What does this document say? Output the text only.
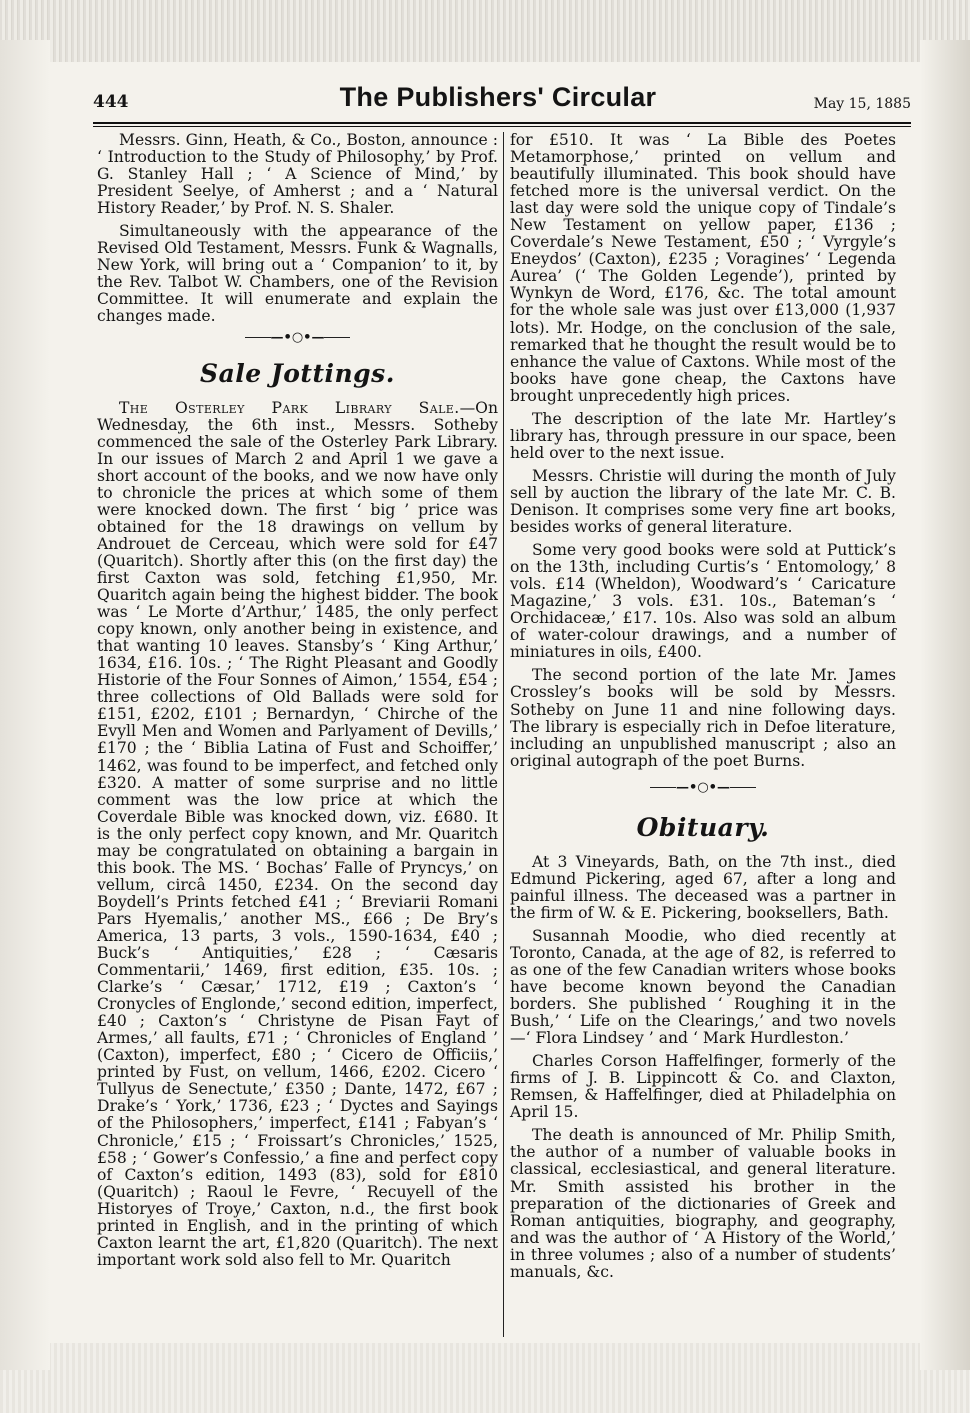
444	The Publishers' Circular	May 15, 1885

Messrs. Ginn, Heath, & Co., Boston, announce : ‘ Introduction to the Study of Philosophy,’ by Prof. G. Stanley Hall ; ‘ A Science of Mind,’ by President Seelye, of Amherst ; and a ‘ Natural History Reader,’ by Prof. N. S. Shaler.

Simultaneously with the appearance of the Revised Old Testament, Messrs. Funk & Wagnalls, New York, will bring out a ‘ Companion’ to it, by the Rev. Talbot W. Chambers, one of the Revision Committee. It will enumerate and explain the changes made.

—•○•—
Sale Jottings.

The Osterley Park Library Sale.—On Wednesday, the 6th inst., Messrs. Sotheby commenced the sale of the Osterley Park Library. In our issues of March 2 and April 1 we gave a short account of the books, and we now have only to chronicle the prices at which some of them were knocked down. The first ‘ big ’ price was obtained for the 18 drawings on vellum by Androuet de Cerceau, which were sold for £47 (Quaritch). Shortly after this (on the first day) the first Caxton was sold, fetching £1,950, Mr. Quaritch again being the highest bidder. The book was ‘ Le Morte d’Arthur,’ 1485, the only perfect copy known, only another being in existence, and that wanting 10 leaves. Stansby’s ‘ King Arthur,’ 1634, £16. 10s. ; ‘ The Right Pleasant and Goodly Historie of the Four Sonnes of Aimon,’ 1554, £54 ; three collections of Old Ballads were sold for £151, £202, £101 ; Bernardyn, ‘ Chirche of the Evyll Men and Women and Parlyament of Devills,’ £170 ; the ‘ Biblia Latina of Fust and Schoiffer,’ 1462, was found to be imperfect, and fetched only £320. A matter of some surprise and no little comment was the low price at which the Coverdale Bible was knocked down, viz. £680. It is the only perfect copy known, and Mr. Quaritch may be congratulated on obtaining a bargain in this book. The MS. ‘ Bochas’ Falle of Pryncys,’ on vellum, circâ 1450, £234. On the second day Boydell’s Prints fetched £41 ; ‘ Breviarii Romani Pars Hyemalis,’ another MS., £66 ; De Bry’s America, 13 parts, 3 vols., 1590-1634, £40 ; Buck’s ‘ Antiquities,’ £28 ; ‘ Cæsaris Commentarii,’ 1469, first edition, £35. 10s. ; Clarke’s ‘ Cæsar,’ 1712, £19 ; Caxton’s ‘ Cronycles of Englonde,’ second edition, imperfect, £40 ; Caxton’s ‘ Christyne de Pisan Fayt of Armes,’ all faults, £71 ; ‘ Chronicles of England ’ (Caxton), imperfect, £80 ; ‘ Cicero de Officiis,’ printed by Fust, on vellum, 1466, £202. Cicero ‘ Tullyus de Senectute,’ £350 ; Dante, 1472, £67 ; Drake’s ‘ York,’ 1736, £23 ; ‘ Dyctes and Sayings of the Philosophers,’ imperfect, £141 ; Fabyan’s ‘ Chronicle,’ £15 ; ‘ Froissart’s Chronicles,’ 1525, £58 ; ‘ Gower’s Confessio,’ a fine and perfect copy of Caxton’s edition, 1493 (83), sold for £810 (Quaritch) ; Raoul le Fevre, ‘ Recuyell of the Historyes of Troye,’ Caxton, n.d., the first book printed in English, and in the printing of which Caxton learnt the art, £1,820 (Quaritch). The next important work sold also fell to Mr. Quaritch

for £510. It was ‘ La Bible des Poetes Metamorphose,’ printed on vellum and beautifully illuminated. This book should have fetched more is the universal verdict. On the last day were sold the unique copy of Tindale’s New Testament on yellow paper, £136 ; Coverdale’s Newe Testament, £50 ; ‘ Vyrgyle’s Eneydos’ (Caxton), £235 ; Voragines’ ‘ Legenda Aurea’ (‘ The Golden Legende’), printed by Wynkyn de Word, £176, &c. The total amount for the whole sale was just over £13,000 (1,937 lots). Mr. Hodge, on the conclusion of the sale, remarked that he thought the result would be to enhance the value of Caxtons. While most of the books have gone cheap, the Caxtons have brought unprecedently high prices.

The description of the late Mr. Hartley’s library has, through pressure in our space, been held over to the next issue.

Messrs. Christie will during the month of July sell by auction the library of the late Mr. C. B. Denison. It comprises some very fine art books, besides works of general literature.

Some very good books were sold at Puttick’s on the 13th, including Curtis’s ‘ Entomology,’ 8 vols. £14 (Wheldon), Woodward’s ‘ Caricature Magazine,’ 3 vols. £31. 10s., Bateman’s ‘ Orchidaceæ,’ £17. 10s. Also was sold an album of water-colour drawings, and a number of miniatures in oils, £400.

The second portion of the late Mr. James Crossley’s books will be sold by Messrs. Sotheby on June 11 and nine following days. The library is especially rich in Defoe literature, including an unpublished manuscript ; also an original autograph of the poet Burns.

—•○•—
Obituary.

At 3 Vineyards, Bath, on the 7th inst., died Edmund Pickering, aged 67, after a long and painful illness. The deceased was a partner in the firm of W. & E. Pickering, booksellers, Bath.

Susannah Moodie, who died recently at Toronto, Canada, at the age of 82, is referred to as one of the few Canadian writers whose books have become known beyond the Canadian borders. She published ‘ Roughing it in the Bush,’ ‘ Life on the Clearings,’ and two novels —‘ Flora Lindsey ’ and ‘ Mark Hurdleston.’

Charles Corson Haffelfinger, formerly of the firms of J. B. Lippincott & Co. and Claxton, Remsen, & Haffelfinger, died at Philadelphia on April 15.

The death is announced of Mr. Philip Smith, the author of a number of valuable books in classical, ecclesiastical, and general literature. Mr. Smith assisted his brother in the preparation of the dictionaries of Greek and Roman antiquities, biography, and geography, and was the author of ‘ A History of the World,’ in three volumes ; also of a number of students’ manuals, &c.
